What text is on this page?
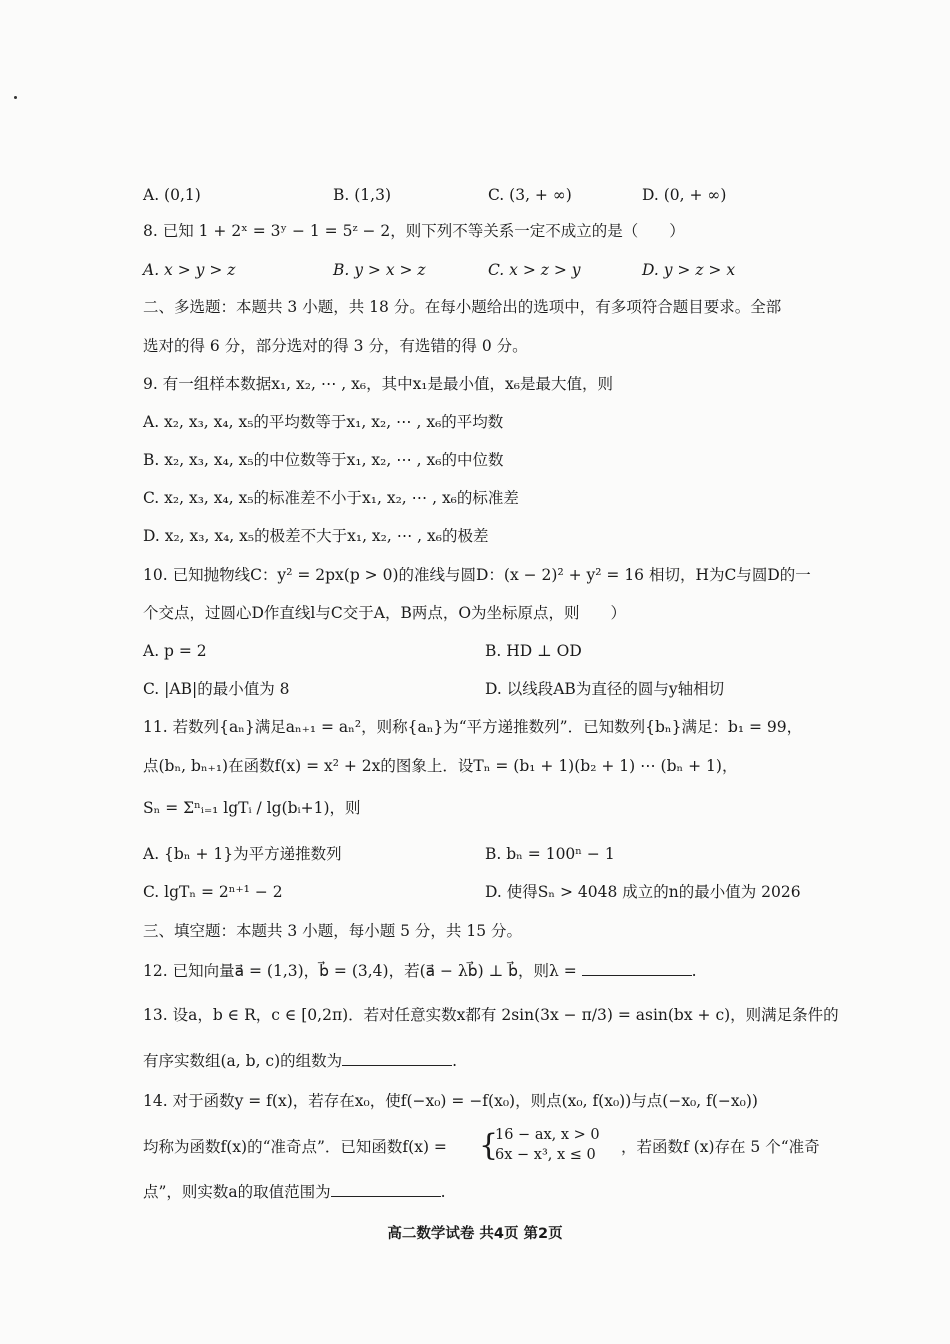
A. (0,1)	B. (1,3)	C. (3, + ∞)	D. (0, + ∞)
8. 已知 1 + 2ˣ = 3ʸ − 1 = 5ᶻ − 2，则下列不等关系一定不成立的是（　　）
A. x > y > z	B. y > x > z	C. x > z > y	D. y > z > x
二、多选题：本题共 3 小题，共 18 分。在每小题给出的选项中，有多项符合题目要求。全部
选对的得 6 分，部分选对的得 3 分，有选错的得 0 分。
9. 有一组样本数据x₁, x₂, ⋯ , x₆，其中x₁是最小值，x₆是最大值，则
A. x₂, x₃, x₄, x₅的平均数等于x₁, x₂, ⋯ , x₆的平均数
B. x₂, x₃, x₄, x₅的中位数等于x₁, x₂, ⋯ , x₆的中位数
C. x₂, x₃, x₄, x₅的标准差不小于x₁, x₂, ⋯ , x₆的标准差
D. x₂, x₃, x₄, x₅的极差不大于x₁, x₂, ⋯ , x₆的极差
10. 已知抛物线C：y² = 2px(p > 0)的准线与圆D：(x − 2)² + y² = 16 相切，H为C与圆D的一
个交点，过圆心D作直线l与C交于A，B两点，O为坐标原点，则　　）
A. p = 2	B. HD ⊥ OD
C. |AB|的最小值为 8	D. 以线段AB为直径的圆与y轴相切
11. 若数列{aₙ}满足aₙ₊₁ = aₙ²，则称{aₙ}为“平方递推数列”．已知数列{bₙ}满足：b₁ = 99，
点(bₙ, bₙ₊₁)在函数f(x) = x² + 2x的图象上．设Tₙ = (b₁ + 1)(b₂ + 1) ⋯ (bₙ + 1)，
Sₙ = Σⁿᵢ₌₁ lgTᵢ / lg(bᵢ+1)，则
A. {bₙ + 1}为平方递推数列	B. bₙ = 100ⁿ − 1
C. lgTₙ = 2ⁿ⁺¹ − 2	D. 使得Sₙ > 4048 成立的n的最小值为 2026
三、填空题：本题共 3 小题，每小题 5 分，共 15 分。
12. 已知向量a⃗ = (1,3)，b⃗ = (3,4)，若(a⃗ − λb⃗) ⊥ b⃗，则λ =	.
13. 设a，b ∈ R，c ∈ [0,2π)．若对任意实数x都有 2sin(3x − π/3) = asin(bx + c)，则满足条件的
有序实数组(a, b, c)的组数为	.
14. 对于函数y = f(x)，若存在x₀，使f(−x₀) = −f(x₀)，则点(x₀, f(x₀))与点(−x₀, f(−x₀))
均称为函数f(x)的“准奇点”．已知函数f(x) = {
16 − ax, x > 0
6x − x³, x ≤ 0 ，若函数f (x)存在 5 个“准奇
点”，则实数a的取值范围为	.
高二数学试卷 共4页 第2页
